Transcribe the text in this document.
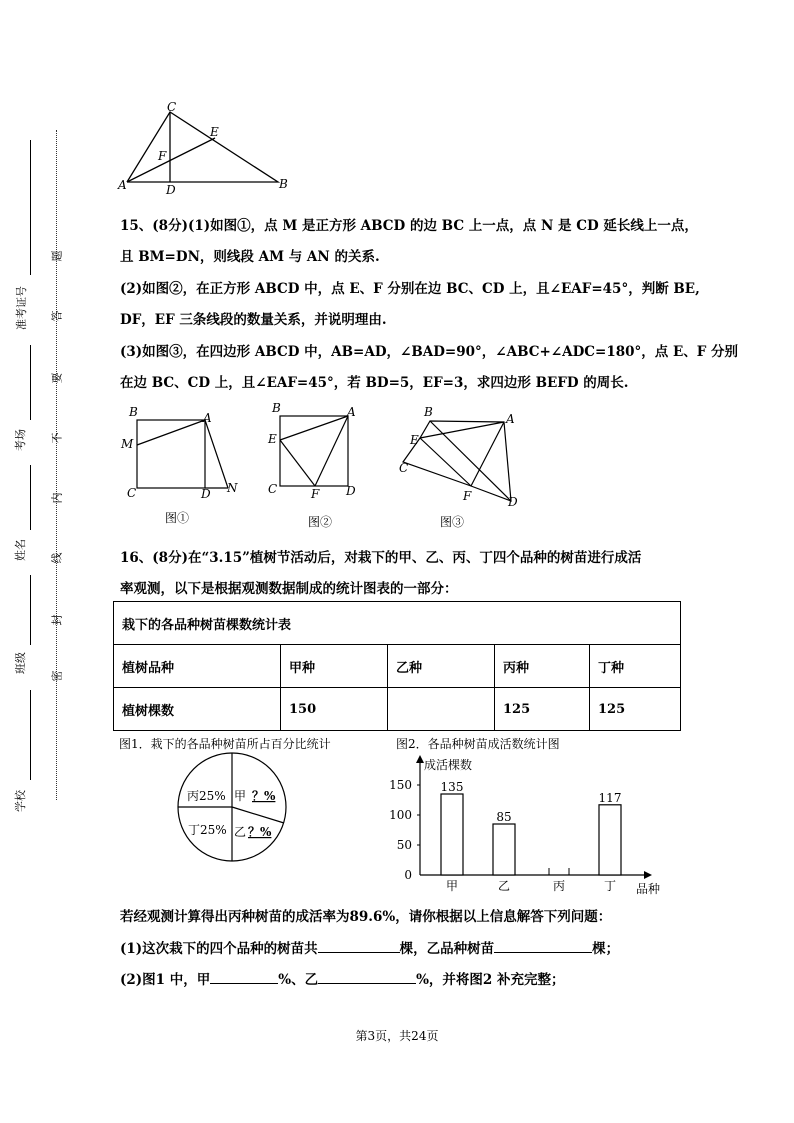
题
答
要
不
内
线
封
密
准考证号
考场
姓名
班级
学校
C
E
F
A	D	B
15、(8分)(1)如图①，点 M 是正方形 ABCD 的边 BC 上一点，点 N 是 CD 延长线上一点，
且 BM=DN，则线段 AM 与 AN 的关系.
(2)如图②，在正方形 ABCD 中，点 E、F 分别在边 BC、CD 上，且∠EAF=45°，判断 BE,
DF，EF 三条线段的数量关系，并说明理由.
(3)如图③，在四边形 ABCD 中，AB=AD，∠BAD=90°，∠ABC+∠ADC=180°，点 E、F 分别
在边 BC、CD 上，且∠EAF=45°，若 BD=5，EF=3，求四边形 BEFD 的周长.
B	A
M
C	D N
图①
B	A
E
C	F D
图②
B	A
E
C
F	D
图③
16、(8分)在“3.15”植树节活动后，对栽下的甲、乙、丙、丁四个品种的树苗进行成活
率观测，以下是根据观测数据制成的统计图表的一部分：
栽下的各品种树苗棵数统计表				
植树品种	甲种	乙种	丙种	丁种
植树棵数	150		125	125
图1．栽下的各品种树苗所占百分比统计	图2．各品种树苗成活数统计图
丙25% 甲 ？%
丁25% 乙 ？%
成活棵数
品种
0
50
100
150 135
甲
85
乙	丙
117
丁
若经观测计算得出丙种树苗的成活率为89.6%，请你根据以上信息解答下列问题：
(1)这次栽下的四个品种的树苗共	棵，乙品种树苗	棵；
(2)图1 中，甲	%、乙	%，并将图2 补充完整；
第3页，共24页
